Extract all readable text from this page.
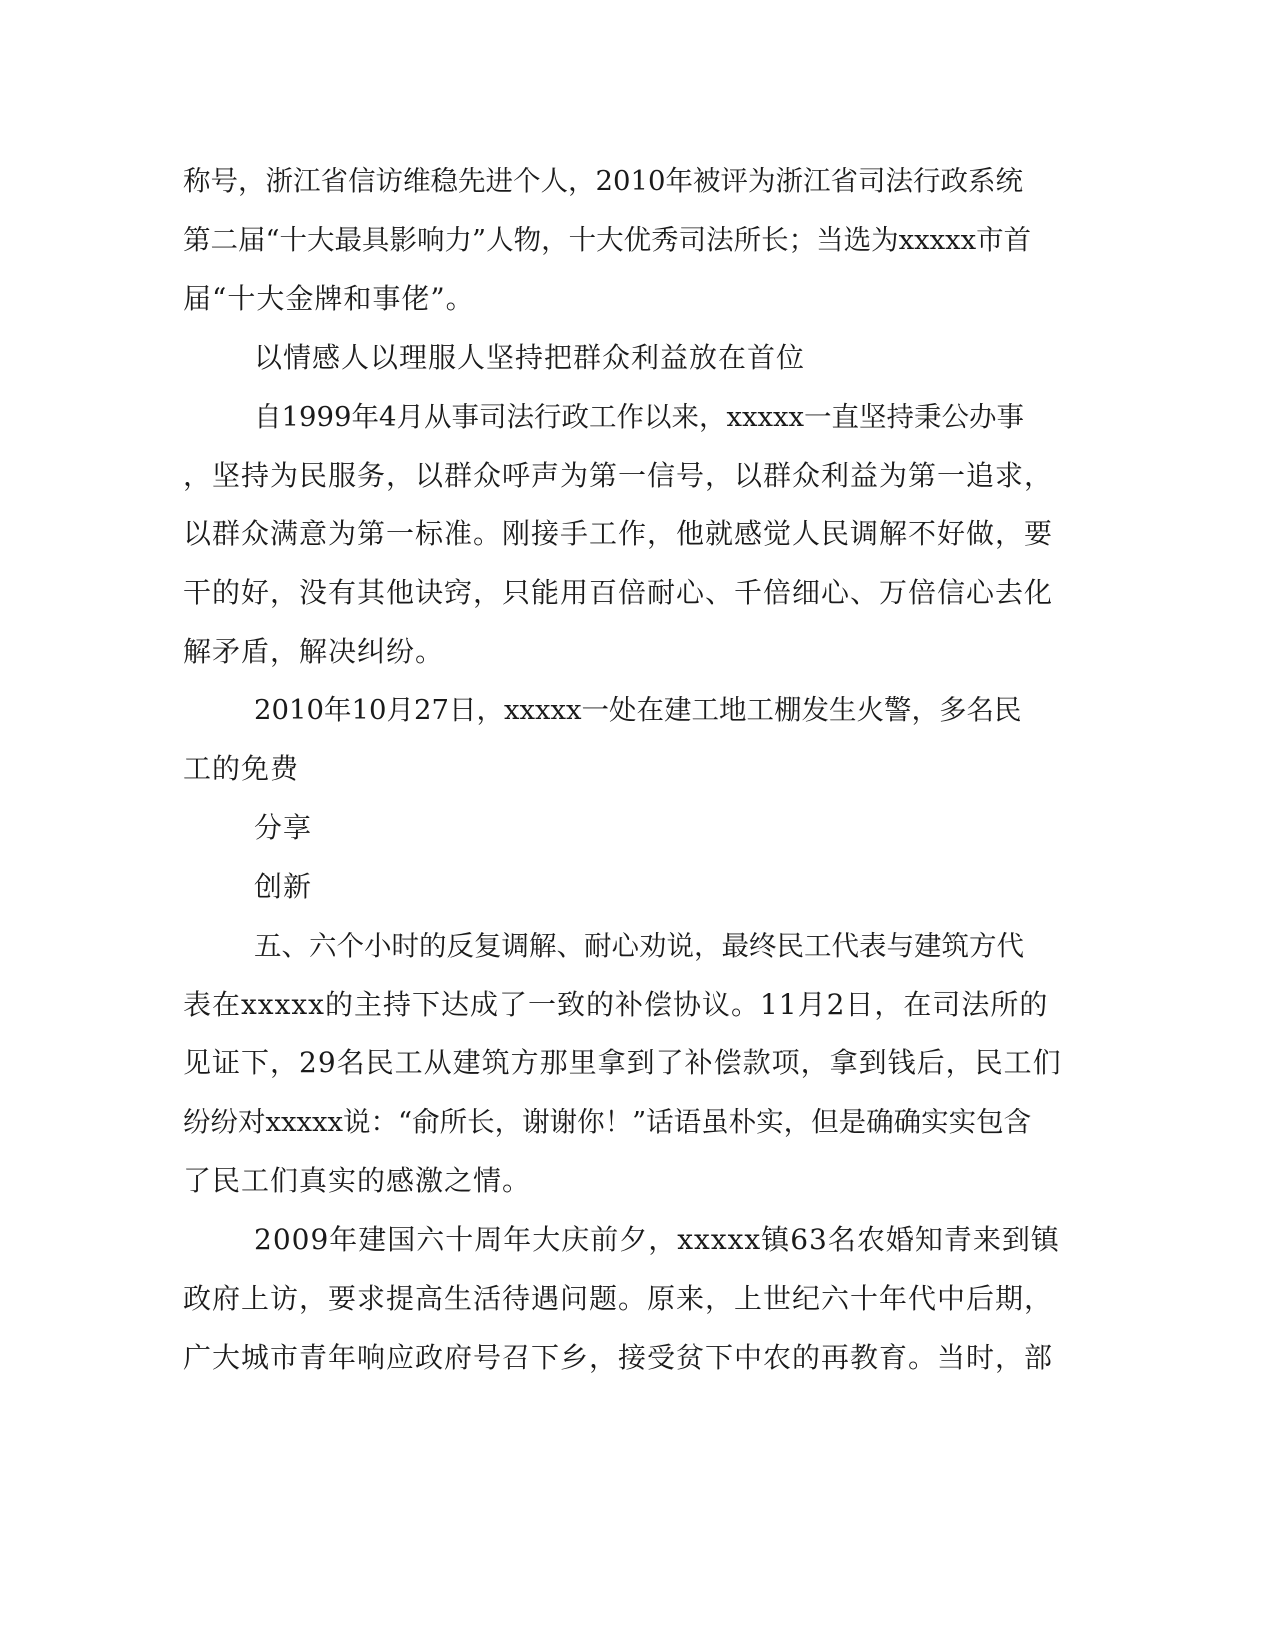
称号，浙江省信访维稳先进个人，2010年被评为浙江省司法行政系统
第二届“十大最具影响力”人物，十大优秀司法所长；当选为xxxxx市首
届“十大金牌和事佬”。
以情感人以理服人坚持把群众利益放在首位
自1999年4月从事司法行政工作以来，xxxxx一直坚持秉公办事
，坚持为民服务，以群众呼声为第一信号，以群众利益为第一追求，
以群众满意为第一标准。刚接手工作，他就感觉人民调解不好做，要
干的好，没有其他诀窍，只能用百倍耐心、千倍细心、万倍信心去化
解矛盾，解决纠纷。
2010年10月27日，xxxxx一处在建工地工棚发生火警，多名民
工的免费
分享
创新
五、六个小时的反复调解、耐心劝说，最终民工代表与建筑方代
表在xxxxx的主持下达成了一致的补偿协议。11月2日，在司法所的
见证下，29名民工从建筑方那里拿到了补偿款项，拿到钱后，民工们
纷纷对xxxxx说：“俞所长，谢谢你！”话语虽朴实，但是确确实实包含
了民工们真实的感激之情。
2009年建国六十周年大庆前夕，xxxxx镇63名农婚知青来到镇
政府上访，要求提高生活待遇问题。原来，上世纪六十年代中后期，
广大城市青年响应政府号召下乡，接受贫下中农的再教育。当时，部
